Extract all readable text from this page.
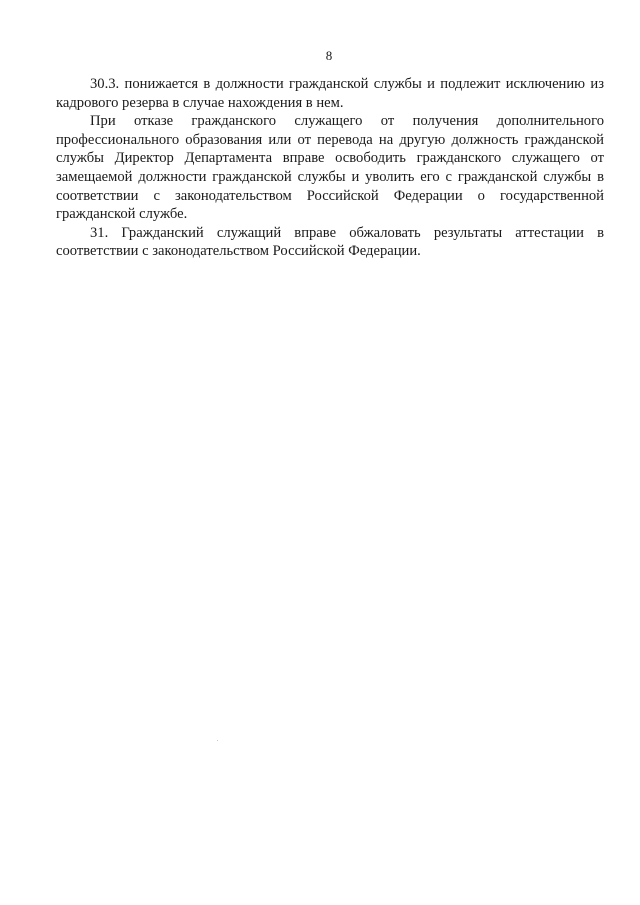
8

30.3. понижается в должности гражданской службы и подлежит исключению из кадрового резерва в случае нахождения в нем.

При отказе гражданского служащего от получения дополнительного профессионального образования или от перевода на другую должность гражданской службы Директор Департамента вправе освободить гражданского служащего от замещаемой должности гражданской службы и уволить его с гражданской службы в соответствии с законодательством Российской Федерации о государственной гражданской службе.

31. Гражданский служащий вправе обжаловать результаты аттестации в соответствии с законодательством Российской Федерации.
